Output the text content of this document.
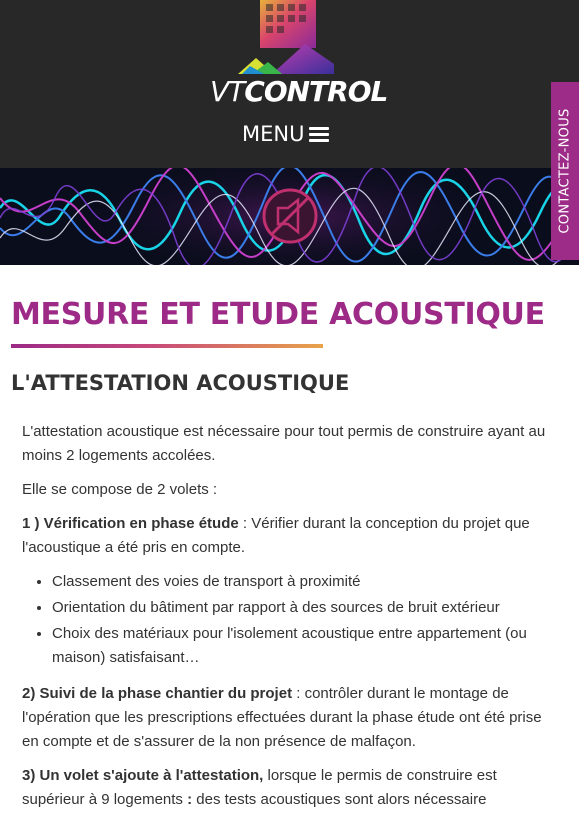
VTCONTROL
MENU	CONTACTEZ-NOUS
MESURE ET ETUDE ACOUSTIQUE
L'ATTESTATION ACOUSTIQUE

L'attestation acoustique est nécessaire pour tout permis de construire ayant au moins 2 logements accolées.

Elle se compose de 2 volets :

1 ) Vérification en phase étude : Vérifier durant la conception du projet que l'acoustique a été pris en compte.

• Classement des voies de transport à proximité
• Orientation du bâtiment par rapport à des sources de bruit extérieur
• Choix des matériaux pour l'isolement acoustique entre appartement (ou maison) satisfaisant…

2) Suivi de la phase chantier du projet : contrôler durant le montage de l'opération que les prescriptions effectuées durant la phase étude ont été prise en compte et de s'assurer de la non présence de malfaçon.

3) Un volet s'ajoute à l'attestation, lorsque le permis de construire est supérieur à 9 logements : des tests acoustiques sont alors nécessaire
